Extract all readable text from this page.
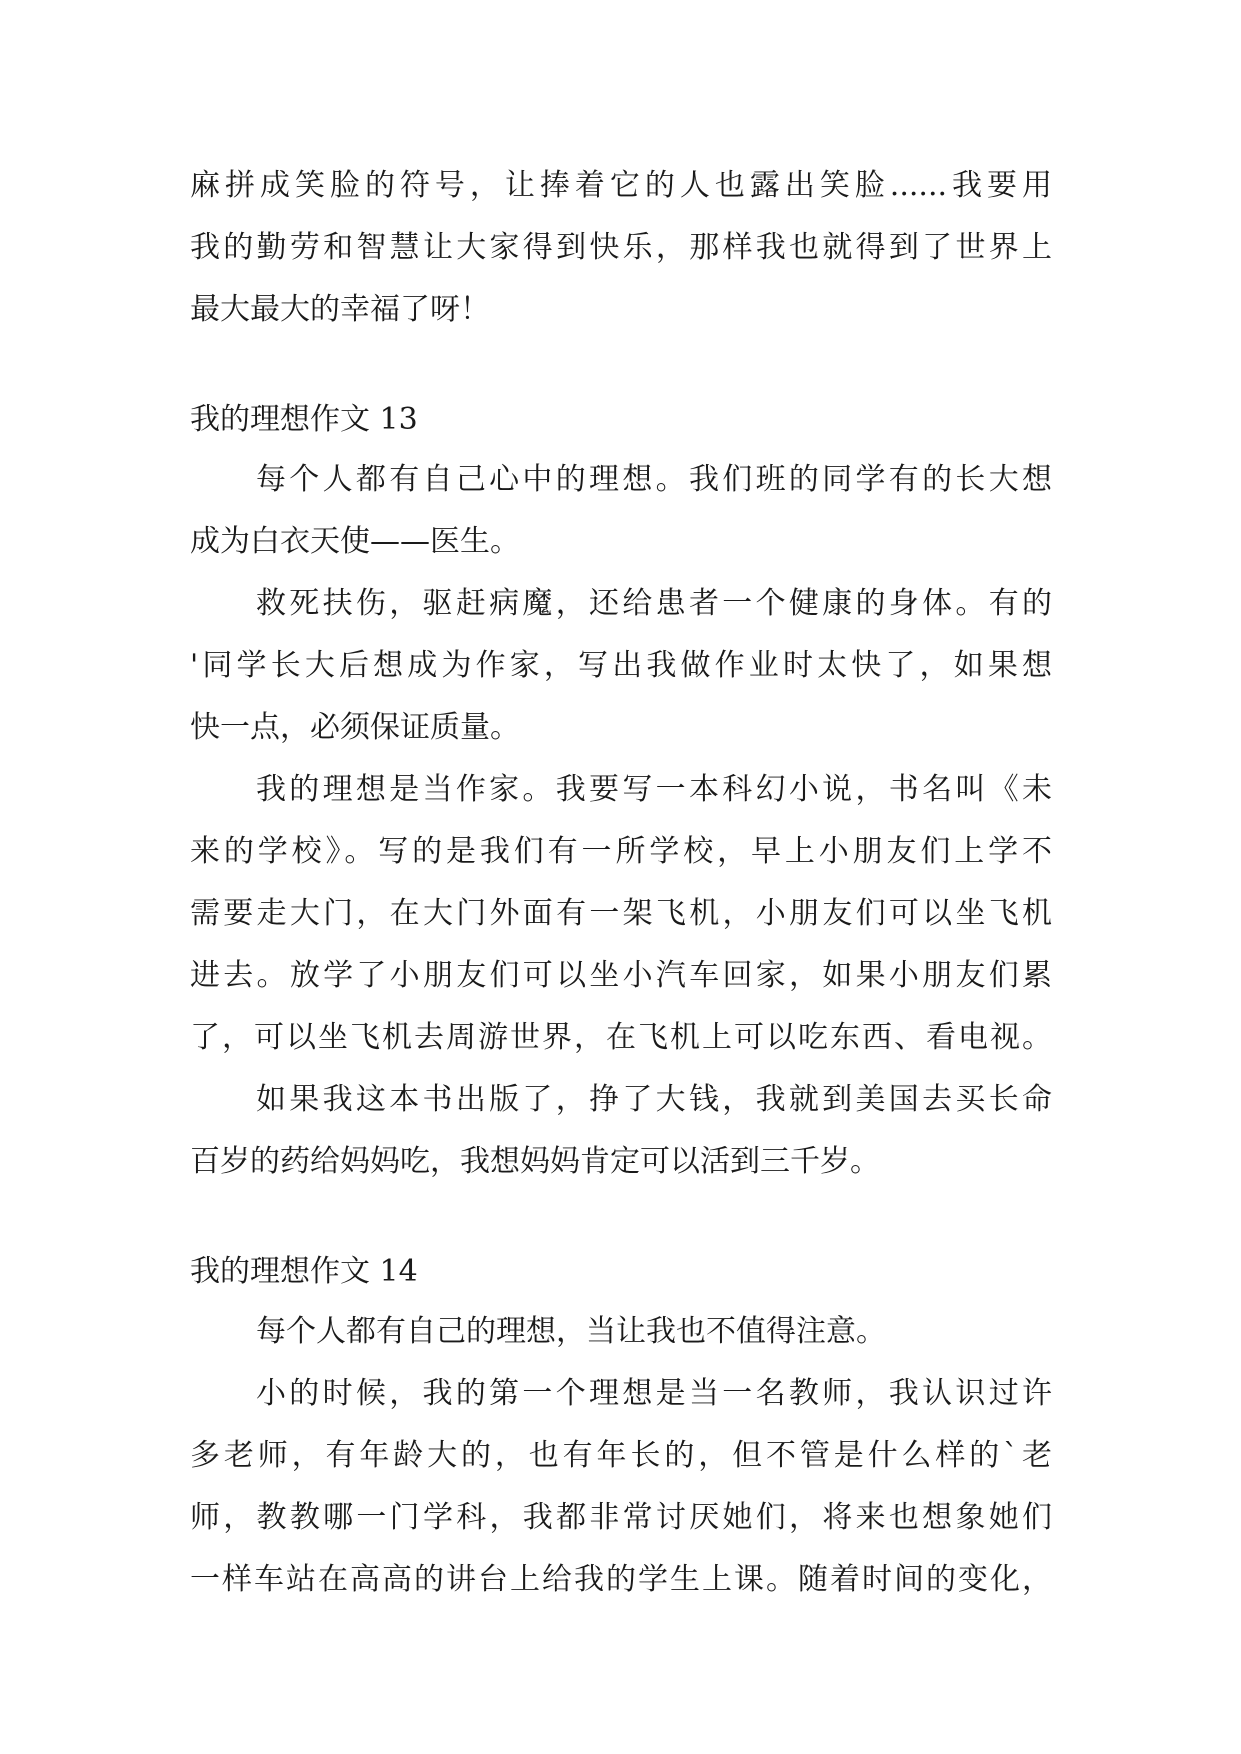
麻拼成笑脸的符号，让捧着它的人也露出笑脸......我要用
我的勤劳和智慧让大家得到快乐，那样我也就得到了世界上
最大最大的幸福了呀！
我的理想作文 13
每个人都有自己心中的理想。我们班的同学有的长大想
成为白衣天使——医生。
救死扶伤，驱赶病魔，还给患者一个健康的身体。有的
'同学长大后想成为作家，写出我做作业时太快了，如果想
快一点，必须保证质量。
我的理想是当作家。我要写一本科幻小说，书名叫《未
来的学校》。写的是我们有一所学校，早上小朋友们上学不
需要走大门，在大门外面有一架飞机，小朋友们可以坐飞机
进去。放学了小朋友们可以坐小汽车回家，如果小朋友们累
了，可以坐飞机去周游世界，在飞机上可以吃东西、看电视。
如果我这本书出版了，挣了大钱，我就到美国去买长命
百岁的药给妈妈吃，我想妈妈肯定可以活到三千岁。
我的理想作文 14
每个人都有自己的理想，当让我也不值得注意。
小的时候，我的第一个理想是当一名教师，我认识过许
多老师，有年龄大的，也有年长的，但不管是什么样的`老
师，教教哪一门学科，我都非常讨厌她们，将来也想象她们
一样车站在高高的讲台上给我的学生上课。随着时间的变化，
